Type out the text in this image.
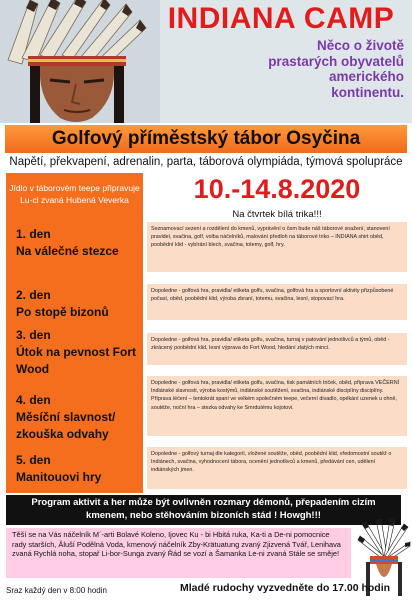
INDIANA CAMP
Něco o životě prastarých obyvatelů amerického kontinentu.
Golfový příměstský tábor Osyčina
Napětí, překvapení, adrenalin, parta, táborová olympiáda, týmová spolupráce
Jídlo v táborovém teepe připravuje Lu-ci zvaná Hubená Veverka	10.-14.8.2020
Na čtvrtek bílá trika!!!
1. den
Na válečné stezce
Seznamovací sezení a rozdělení do kmenů, vyprávění o čem bude náš táborové snažení, stanovení pravidel, svačina, golf, volba náčelníků, malování předloh na táborové triko – INDIANA shirt oběd, poobědní klid - vybírání blech, svačina, totemy, golf, hry.
2. den
Po stopě bizonů
Dopoledne - golfová hra, pravidla/ etiketa golfu, svačina, golfová hra a sportovní aktivity přizpůsobené počasí, oběd, poobědní klid, výroba zbraní, totemu, svačina, lesní, stopovací hra.
3. den
Útok na pevnost Fort Wood
Dopoledne - golfová hra, pravidla/ etiketa golfu, svačina, turnaj v patování jednotlivců a týmů, oběd - zkrácený poobědní klid, lesní výprava do Fort Wood, hledání zlatých mincí.
4. den
Měsíční slavnost/ zkouška odvahy
Dopoledne - golfová hra, pravidla/ etiketa golfu, svačina, tisk památních triček, oběd, příprava VEČERNÍ Indiánské slavnosti, výroba kostýmů, indiánské soutěžení, svačina, indiánské disciplíny disciplíny. Příprava léčení – tentokrát spaní ve velkém společném teepe, večerní divadlo, opékání uzenek u ohně, soutěže, noční hra – stezka odvahy ke Smrdutému kojotovi.
5. den
Manitouovi hry
Dopoledne - golfový turnaj dle kategorií, vložené soutěže, oběd, poobědní klid, vředomostní soutěž o Indiánech, svačina, vyhodnocení tábora, ocenění jednotlivců a kmenů, předávání cen, udělení indiánských jmen.
Program aktivit a her může být ovlivněn rozmary démonů, přepadením cizím kmenem, nebo stěhováním bizoních stád ! Howgh!!!
Těší se na Vás náčelník M´-arti Bolavé Koleno, Ijovec Ku - bi Hbitá ruka, Ka-ti a De-ni pomocnice rady starších, Ăluší Podělná Voda, kmenový náčelník Zby-Krätuatung zvaný Zjizvená Tvář, Lenihava zvaná Rychlá noha, stopař Li-bor-Sunga zvaný Řád se vozí a Šamanka Le-ni zvaná Stále se směje!
Sraz každý den v 8:00 hodin	Mladé rudochy vyzvedněte do 17.00 hodin
